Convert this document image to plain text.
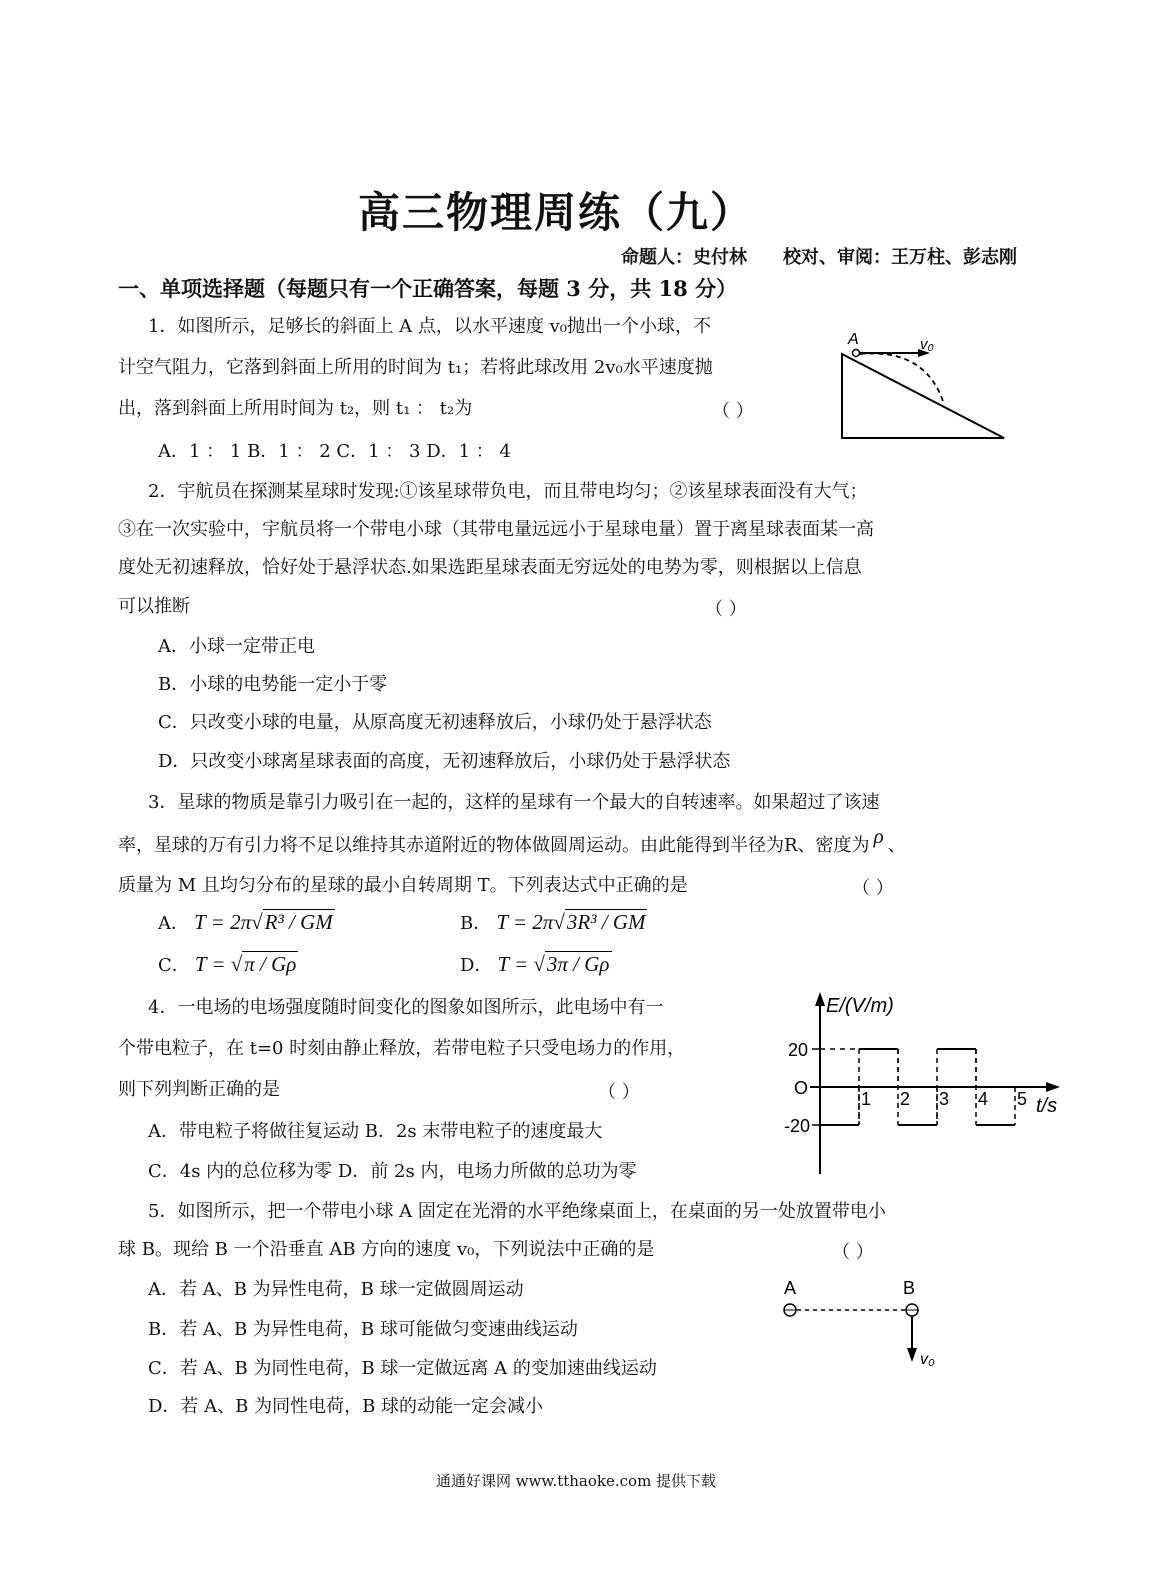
高三物理周练（九）
命题人：史付林 校对、审阅：王万柱、彭志刚
一、单项选择题（每题只有一个正确答案，每题 3 分，共 18 分）
1．如图所示，足够长的斜面上 A 点，以水平速度 v₀抛出一个小球，不
计空气阻力，它落到斜面上所用的时间为 t₁；若将此球改用 2v₀水平速度抛
出，落到斜面上所用时间为 t₂，则 t₁ ： t₂为	（ ）
A．1 ： 1 B．1 ： 2 C．1 ： 3 D．1 ： 4
A	v₀
2．宇航员在探测某星球时发现:①该星球带负电，而且带电均匀；②该星球表面没有大气；
③在一次实验中，宇航员将一个带电小球（其带电量远远小于星球电量）置于离星球表面某一高
度处无初速释放，恰好处于悬浮状态.如果选距星球表面无穷远处的电势为零，则根据以上信息
可以推断	（ ）
A．小球一定带正电
B．小球的电势能一定小于零
C．只改变小球的电量，从原高度无初速释放后，小球仍处于悬浮状态
D．只改变小球离星球表面的高度，无初速释放后，小球仍处于悬浮状态
3．星球的物质是靠引力吸引在一起的，这样的星球有一个最大的自转速率。如果超过了该速
率，星球的万有引力将不足以维持其赤道附近的物体做圆周运动。由此能得到半径为R、密度为 ρ 、
质量为 M 且均匀分布的星球的最小自转周期 T。下列表达式中正确的是	（ ）
A． T = 2π√R³ / GM	B． T = 2π√3R³ / GM
C． T = √π / Gρ	D． T = √3π / Gρ
4．一电场的电场强度随时间变化的图象如图所示，此电场中有一
个带电粒子，在 t=0 时刻由静止释放，若带电粒子只受电场力的作用，
则下列判断正确的是	（ ）
A．带电粒子将做往复运动 B．2s 末带电粒子的速度最大
C．4s 内的总位移为零 D．前 2s 内，电场力所做的总功为零
E/(V/m)
t/s
1 2 3 4 5
20
O
-20
5．如图所示，把一个带电小球 A 固定在光滑的水平绝缘桌面上，在桌面的另一处放置带电小
球 B。现给 B 一个沿垂直 AB 方向的速度 v₀，下列说法中正确的是	（ ）
A．若 A、B 为异性电荷，B 球一定做圆周运动
B．若 A、B 为异性电荷，B 球可能做匀变速曲线运动
C．若 A、B 为同性电荷，B 球一定做远离 A 的变加速曲线运动
D．若 A、B 为同性电荷，B 球的动能一定会减小
A	B
v₀
通通好课网 www.tthaoke.com 提供下载
